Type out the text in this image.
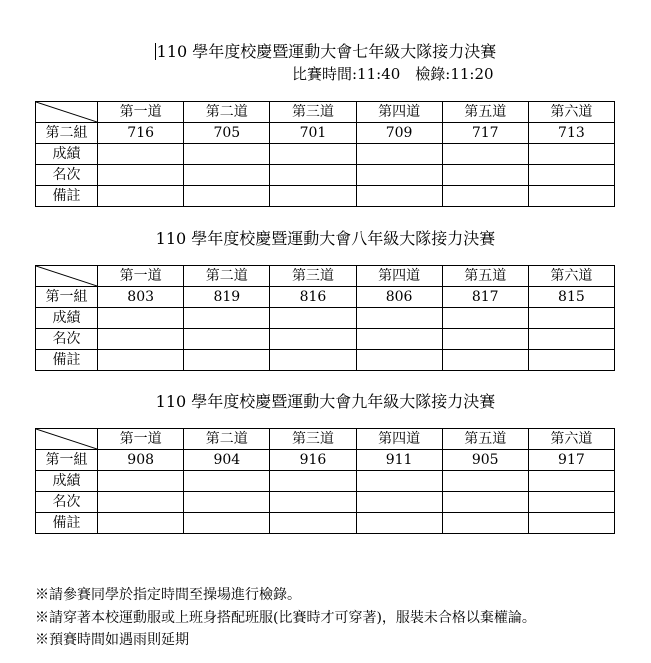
110 學年度校慶暨運動大會七年級大隊接力決賽
比賽時間:11:40　檢錄:11:20
	第一道	第二道	第三道	第四道	第五道	第六道
第二組	716	705	701	709	717	713
成績						
名次						
備註						
110 學年度校慶暨運動大會八年級大隊接力決賽
	第一道	第二道	第三道	第四道	第五道	第六道
第一組	803	819	816	806	817	815
成績						
名次						
備註						
110 學年度校慶暨運動大會九年級大隊接力決賽
	第一道	第二道	第三道	第四道	第五道	第六道
第一組	908	904	916	911	905	917
成績						
名次						
備註						
※請參賽同學於指定時間至操場進行檢錄。
※請穿著本校運動服或上班身搭配班服(比賽時才可穿著)，服裝未合格以棄權論。
※預賽時間如遇雨則延期
